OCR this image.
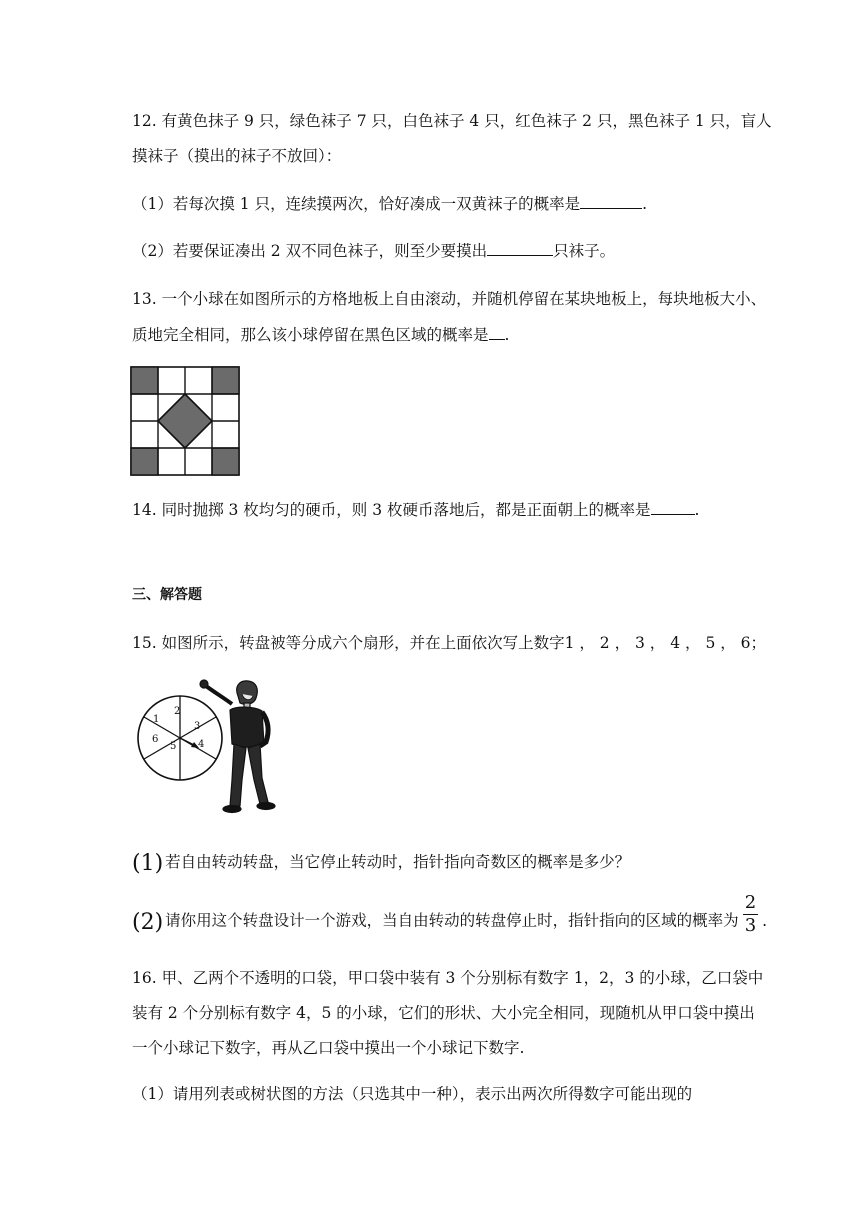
12. 有黄色抹子 9 只，绿色袜子 7 只，白色袜子 4 只，红色袜子 2 只，黑色袜子 1 只，盲人
摸袜子（摸出的袜子不放回）：
（1）若每次摸 1 只，连续摸两次，恰好凑成一双黄袜子的概率是	.
（2）若要保证凑出 2 双不同色袜子，则至少要摸出	只袜子。
13. 一个小球在如图所示的方格地板上自由滚动，并随机停留在某块地板上，每块地板大小、
质地完全相同，那么该小球停留在黑色区域的概率是 .
14. 同时抛掷 3 枚均匀的硬币，则 3 枚硬币落地后，都是正面朝上的概率是	.
三、解答题
15. 如图所示，转盘被等分成六个扇形，并在上面依次写上数字1 ， 2 ， 3 ， 4 ， 5 ， 6；
1
2
3
4
5
6
(1) 若自由转动转盘，当它停止转动时，指针指向奇数区的概率是多少？
(2) 请你用这个转盘设计一个游戏，当自由转动的转盘停止时，指针指向的区域的概率为 $\frac{2}{3}$ .
16. 甲、乙两个不透明的口袋，甲口袋中装有 3 个分别标有数字 1，2，3 的小球，乙口袋中
装有 2 个分别标有数字 4，5 的小球，它们的形状、大小完全相同，现随机从甲口袋中摸出
一个小球记下数字，再从乙口袋中摸出一个小球记下数字.
（1）请用列表或树状图的方法（只选其中一种），表示出两次所得数字可能出现的
